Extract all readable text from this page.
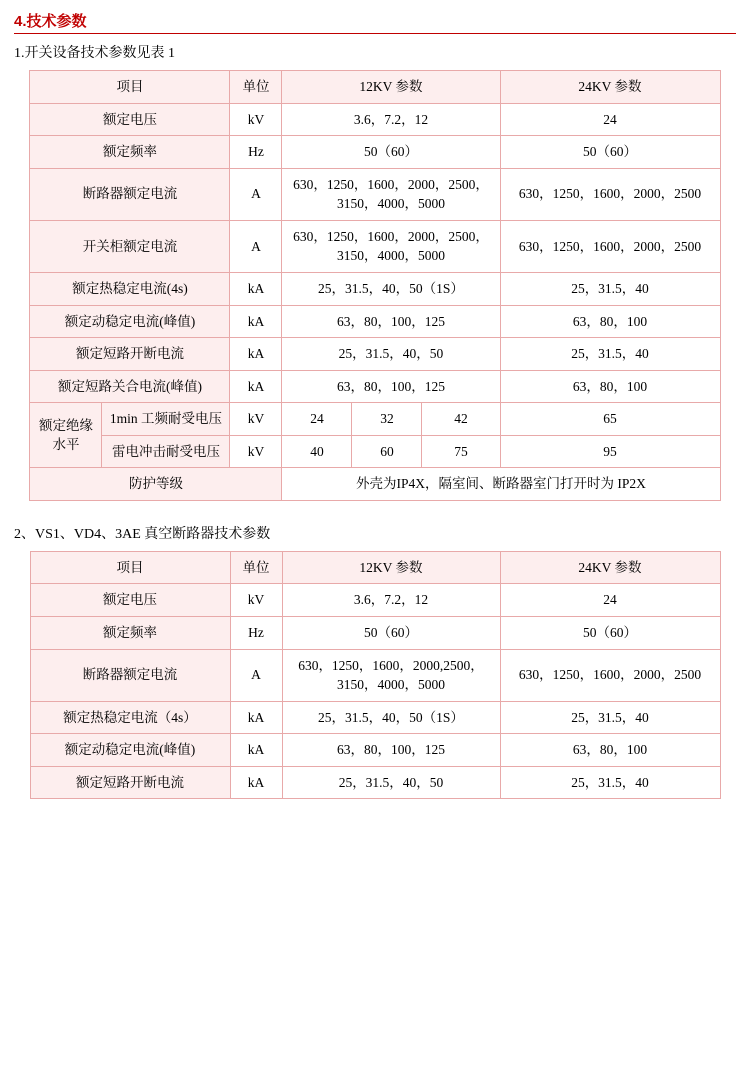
4.技术参数
1.开关设备技术参数见表 1
项目		单位	12KV 参数			24KV 参数
额定电压		kV	3.6，7.2，12			24
额定频率		Hz	50（60）			50（60）
断路器额定电流		A	630，1250，1600，2000，2500，3150，4000，5000			630，1250，1600，2000，2500
开关柜额定电流		A	630，1250，1600，2000，2500，3150，4000，5000			630，1250，1600，2000，2500
额定热稳定电流(4s)		kA	25，31.5，40，50（1S）			25，31.5，40
额定动稳定电流(峰值)		kA	63，80，100，125			63，80，100
额定短路开断电流		kA	25，31.5，40，50			25，31.5，40
额定短路关合电流(峰值)		kA	63，80，100，125			63，80，100
额定绝缘水平	1min 工频耐受电压	kV	24	32	42	65
	雷电冲击耐受电压	kV	40	60	75	95
防护等级			外壳为IP4X，隔室间、断路器室门打开时为 IP2X			
2、VS1、VD4、3AE 真空断路器技术参数
项目	单位	12KV 参数	24KV 参数
额定电压	kV	3.6，7.2，12	24
额定频率	Hz	50（60）	50（60）
断路器额定电流	A	630，1250，1600，2000,2500，3150，4000，5000	630，1250，1600，2000，2500
额定热稳定电流（4s）	kA	25，31.5，40，50（1S）	25，31.5，40
额定动稳定电流(峰值)	kA	63，80，100，125	63，80，100
额定短路开断电流	kA	25，31.5，40，50	25，31.5，40
